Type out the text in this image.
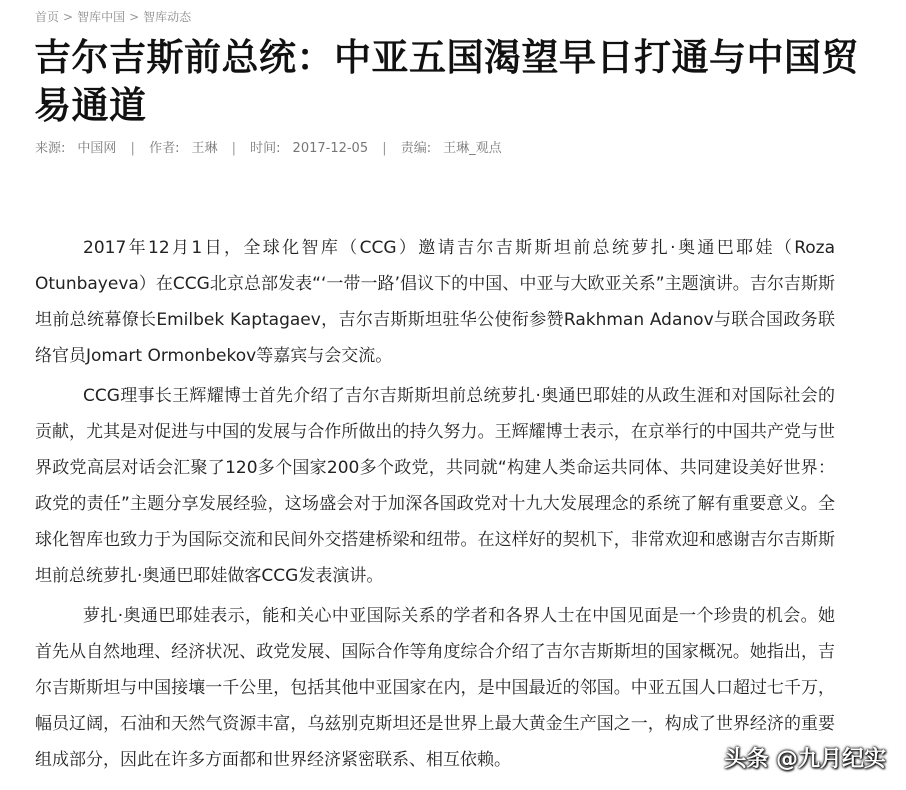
首页 > 智库中国 > 智库动态
吉尔吉斯前总统：中亚五国渴望早日打通与中国贸易通道
来源: 中国网 | 作者: 王琳 | 时间: 2017-12-05 | 责编: 王琳_观点

2017年12月1日，全球化智库（CCG）邀请吉尔吉斯斯坦前总统萝扎·奥通巴耶娃（Roza Otunbayeva）在CCG北京总部发表“‘一带一路’倡议下的中国、中亚与大欧亚关系”主题演讲。吉尔吉斯斯坦前总统幕僚长Emilbek Kaptagaev，吉尔吉斯斯坦驻华公使衔参赞Rakhman Adanov与联合国政务联络官员Jomart Ormonbekov等嘉宾与会交流。

CCG理事长王辉耀博士首先介绍了吉尔吉斯斯坦前总统萝扎·奥通巴耶娃的从政生涯和对国际社会的贡献，尤其是对促进与中国的发展与合作所做出的持久努力。王辉耀博士表示，在京举行的中国共产党与世界政党高层对话会汇聚了120多个国家200多个政党，共同就“构建人类命运共同体、共同建设美好世界：政党的责任”主题分享发展经验，这场盛会对于加深各国政党对十九大发展理念的系统了解有重要意义。全球化智库也致力于为国际交流和民间外交搭建桥梁和纽带。在这样好的契机下，非常欢迎和感谢吉尔吉斯斯坦前总统萝扎·奥通巴耶娃做客CCG发表演讲。

萝扎·奥通巴耶娃表示，能和关心中亚国际关系的学者和各界人士在中国见面是一个珍贵的机会。她首先从自然地理、经济状况、政党发展、国际合作等角度综合介绍了吉尔吉斯斯坦的国家概况。她指出，吉尔吉斯斯坦与中国接壤一千公里，包括其他中亚国家在内，是中国最近的邻国。中亚五国人口超过七千万，幅员辽阔，石油和天然气资源丰富，乌兹别克斯坦还是世界上最大黄金生产国之一，构成了世界经济的重要组成部分，因此在许多方面都和世界经济紧密联系、相互依赖。	头条 @九月纪实
